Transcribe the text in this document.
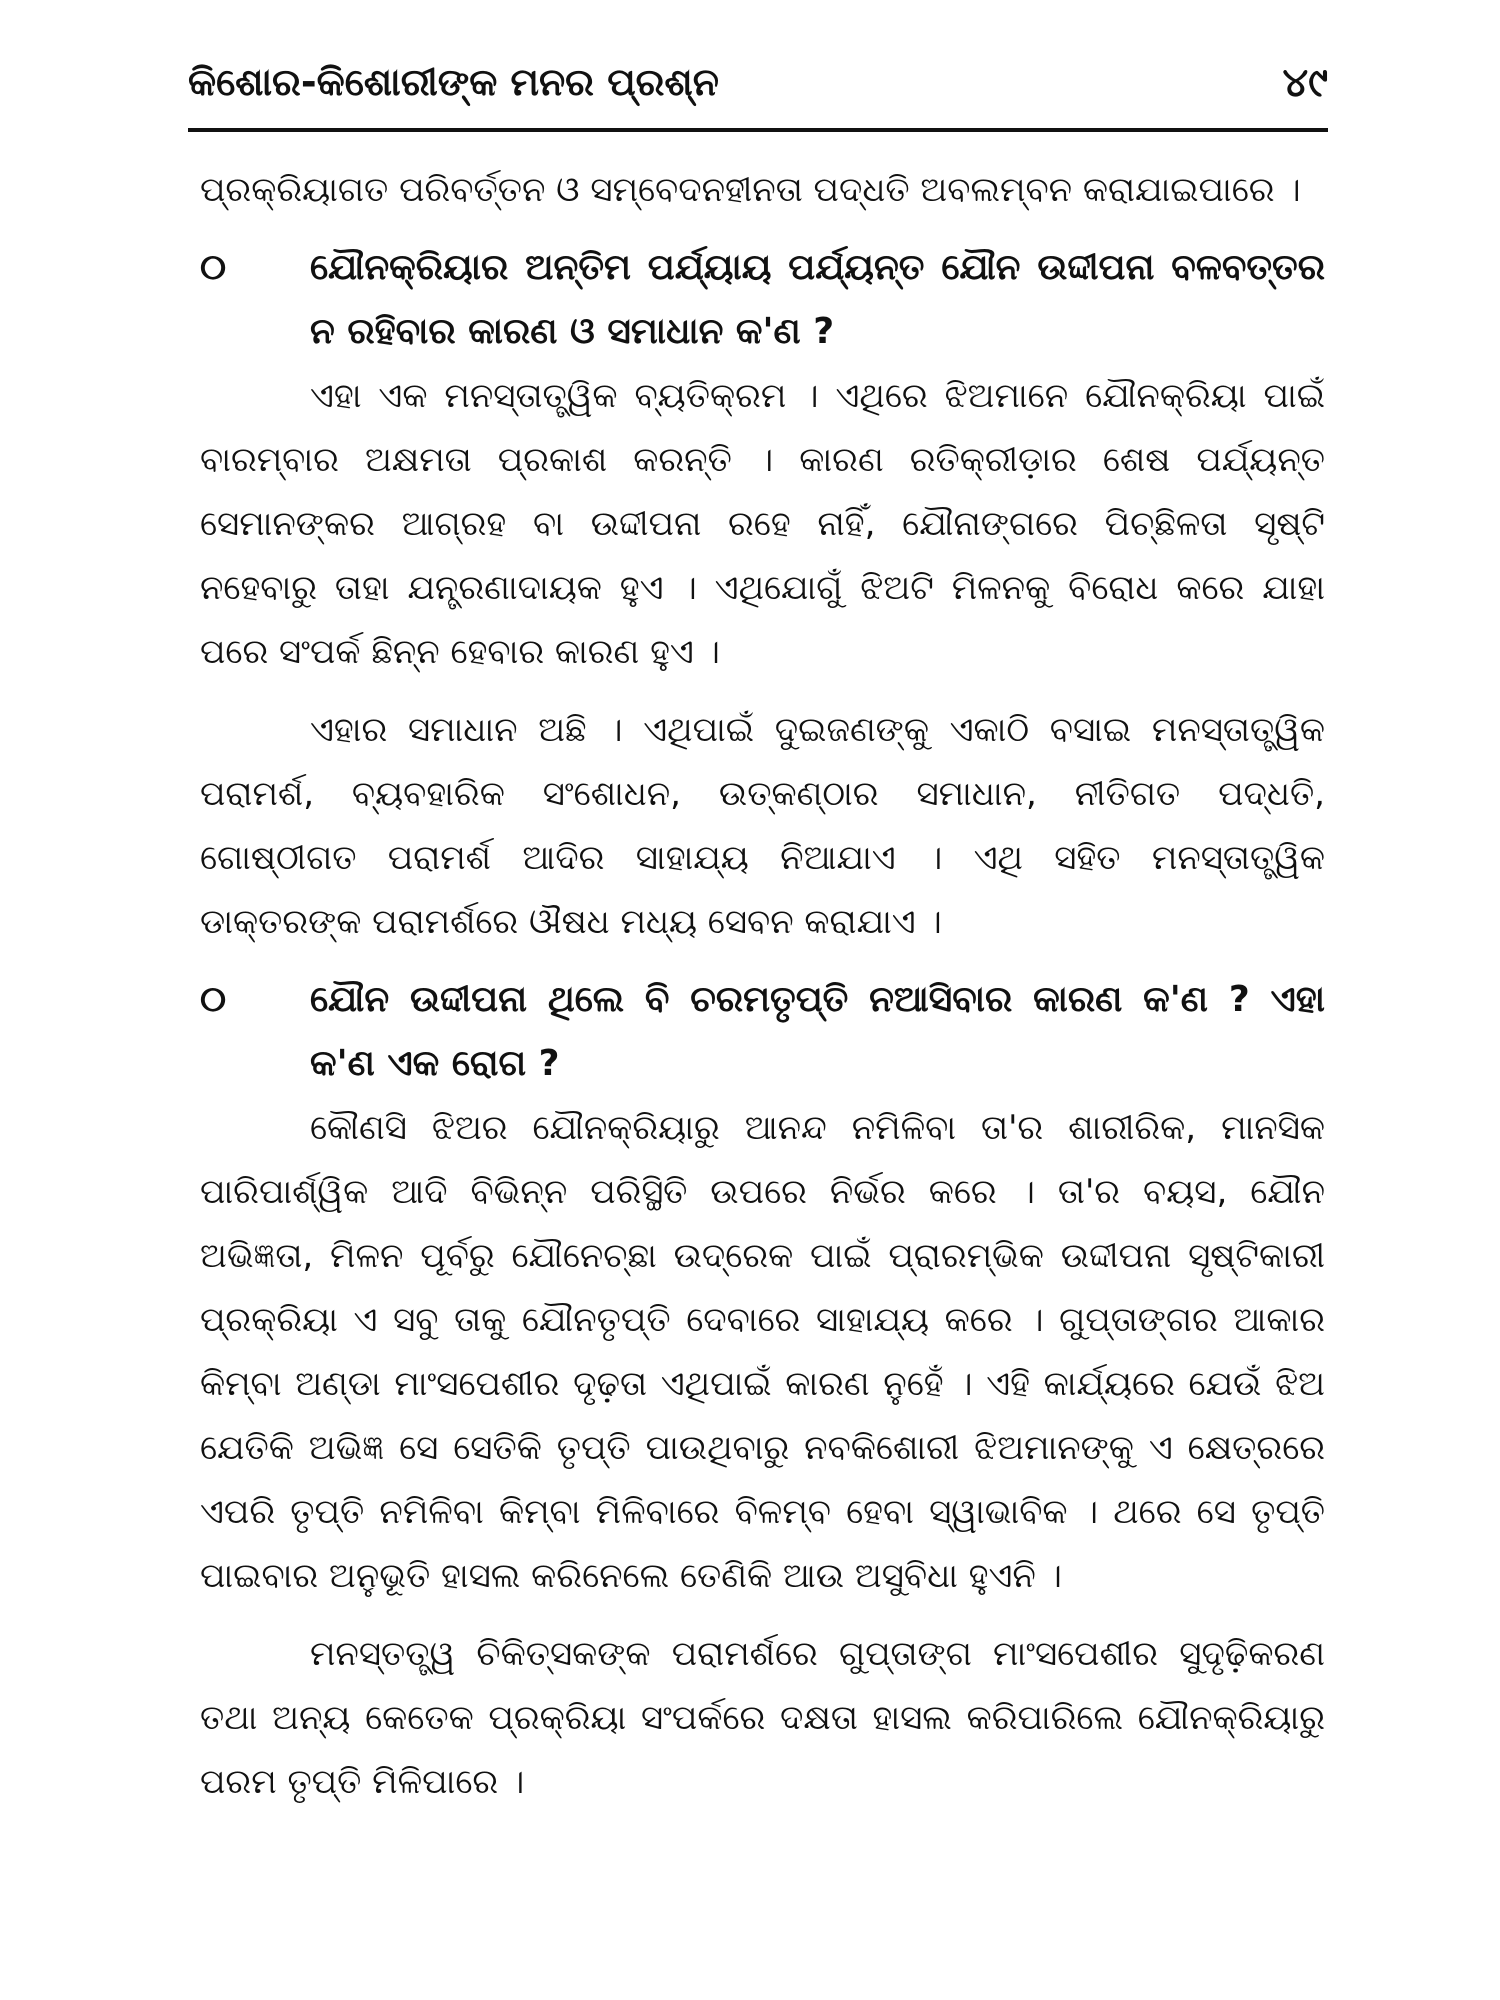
କିଶୋର-କିଶୋରୀଙ୍କ ମନର ପ୍ରଶ୍ନ	୪୯

ପ୍ରକ୍ରିୟାଗତ ପରିବର୍ତ୍ତନ ଓ ସମ୍ବେଦନହୀନତା ପଦ୍ଧତି ଅବଲମ୍ବନ କରାଯାଇପାରେ ।

୦ ଯୌନକ୍ରିୟାର ଅନ୍ତିମ ପର୍ଯ୍ୟାୟ ପର୍ଯ୍ୟନ୍ତ ଯୌନ ଉଦ୍ଦୀପନା ବଳବତ୍ତର ନ ରହିବାର କାରଣ ଓ ସମାଧାନ କ'ଣ ?

ଏହା ଏକ ମନସ୍ତାତ୍ତ୍ୱିକ ବ୍ୟତିକ୍ରମ । ଏଥିରେ ଝିଅମାନେ ଯୌନକ୍ରିୟା ପାଇଁ ବାରମ୍ବାର ଅକ୍ଷମତା ପ୍ରକାଶ କରନ୍ତି । କାରଣ ରତିକ୍ରୀଡ଼ାର ଶେଷ ପର୍ଯ୍ୟନ୍ତ ସେମାନଙ୍କର ଆଗ୍ରହ ବା ଉଦ୍ଦୀପନା ରହେ ନାହିଁ, ଯୌନାଙ୍ଗରେ ପିଚ୍ଛିଳତା ସୃଷ୍ଟି ନହେବାରୁ ତାହା ଯନ୍ତ୍ରଣାଦାୟକ ହୁଏ । ଏଥିଯୋଗୁଁ ଝିଅଟି ମିଳନକୁ ବିରୋଧ କରେ ଯାହା ପରେ ସଂପର୍କ ଛିନ୍ନ ହେବାର କାରଣ ହୁଏ ।

ଏହାର ସମାଧାନ ଅଛି । ଏଥିପାଇଁ ଦୁଇଜଣଙ୍କୁ ଏକାଠି ବସାଇ ମନସ୍ତାତ୍ତ୍ୱିକ ପରାମର୍ଶ, ବ୍ୟବହାରିକ ସଂଶୋଧନ, ଉତ୍କଣ୍ଠାର ସମାଧାନ, ନୀତିଗତ ପଦ୍ଧତି, ଗୋଷ୍ଠୀଗତ ପରାମର୍ଶ ଆଦିର ସାହାଯ୍ୟ ନିଆଯାଏ । ଏଥି ସହିତ ମନସ୍ତାତ୍ତ୍ୱିକ ଡାକ୍ତରଙ୍କ ପରାମର୍ଶରେ ଔଷଧ ମଧ୍ୟ ସେବନ କରାଯାଏ ।

୦ ଯୌନ ଉଦ୍ଦୀପନା ଥିଲେ ବି ଚରମତୃପ୍ତି ନଆସିବାର କାରଣ କ'ଣ ? ଏହା କ'ଣ ଏକ ରୋଗ ?

କୌଣସି ଝିଅର ଯୌନକ୍ରିୟାରୁ ଆନନ୍ଦ ନମିଳିବା ତା'ର ଶାରୀରିକ, ମାନସିକ ପାରିପାର୍ଶ୍ୱିକ ଆଦି ବିଭିନ୍ନ ପରିସ୍ଥିତି ଉପରେ ନିର୍ଭର କରେ । ତା'ର ବୟସ, ଯୌନ ଅଭିଜ୍ଞତା, ମିଳନ ପୂର୍ବରୁ ଯୌନେଚ୍ଛା ଉଦ୍ରେକ ପାଇଁ ପ୍ରାରମ୍ଭିକ ଉଦ୍ଦୀପନା ସୃଷ୍ଟିକାରୀ ପ୍ରକ୍ରିୟା ଏ ସବୁ ତାକୁ ଯୌନତୃପ୍ତି ଦେବାରେ ସାହାଯ୍ୟ କରେ । ଗୁପ୍ତାଙ୍ଗର ଆକାର କିମ୍ବା ଅଣ୍ଡା ମାଂସପେଶୀର ଦୃଢ଼ତା ଏଥିପାଇଁ କାରଣ ନୁହେଁ । ଏହି କାର୍ଯ୍ୟରେ ଯେଉଁ ଝିଅ ଯେତିକି ଅଭିଜ୍ଞ ସେ ସେତିକି ତୃପ୍ତି ପାଉଥିବାରୁ ନବକିଶୋରୀ ଝିଅମାନଙ୍କୁ ଏ କ୍ଷେତ୍ରରେ ଏପରି ତୃପ୍ତି ନମିଳିବା କିମ୍ବା ମିଳିବାରେ ବିଳମ୍ବ ହେବା ସ୍ୱାଭାବିକ । ଥରେ ସେ ତୃପ୍ତି ପାଇବାର ଅନୁଭୂତି ହାସଲ କରିନେଲେ ତେଣିକି ଆଉ ଅସୁବିଧା ହୁଏନି ।

ମନସ୍ତତ୍ତ୍ୱ ଚିକିତ୍ସକଙ୍କ ପରାମର୍ଶରେ ଗୁପ୍ତାଙ୍ଗ ମାଂସପେଶୀର ସୁଦୃଢ଼ିକରଣ ତଥା ଅନ୍ୟ କେତେକ ପ୍ରକ୍ରିୟା ସଂପର୍କରେ ଦକ୍ଷତା ହାସଲ କରିପାରିଲେ ଯୌନକ୍ରିୟାରୁ ପରମ ତୃପ୍ତି ମିଳିପାରେ ।
